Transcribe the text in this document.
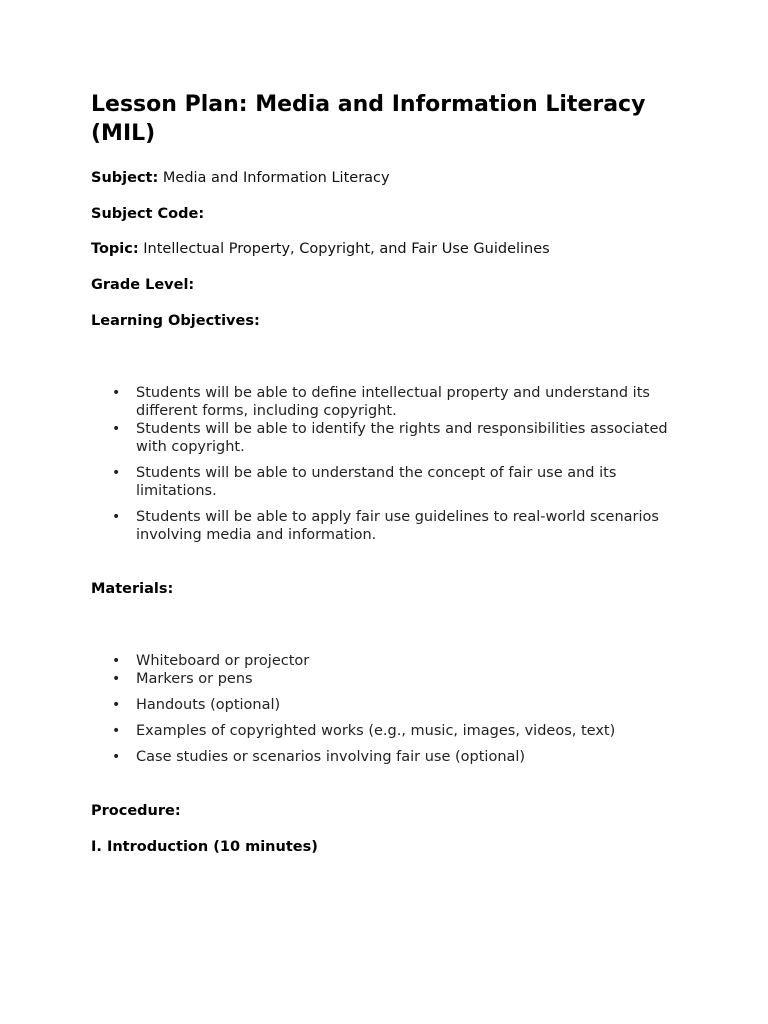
Lesson Plan: Media and Information Literacy (MIL)

Subject: Media and Information Literacy

Subject Code:

Topic: Intellectual Property, Copyright, and Fair Use Guidelines

Grade Level:

Learning Objectives:

• Students will be able to define intellectual property and understand its different forms, including copyright.
• Students will be able to identify the rights and responsibilities associated with copyright.
• Students will be able to understand the concept of fair use and its limitations.
• Students will be able to apply fair use guidelines to real-world scenarios involving media and information.

Materials:

• Whiteboard or projector
• Markers or pens
• Handouts (optional)
• Examples of copyrighted works (e.g., music, images, videos, text)
• Case studies or scenarios involving fair use (optional)

Procedure:

I. Introduction (10 minutes)
